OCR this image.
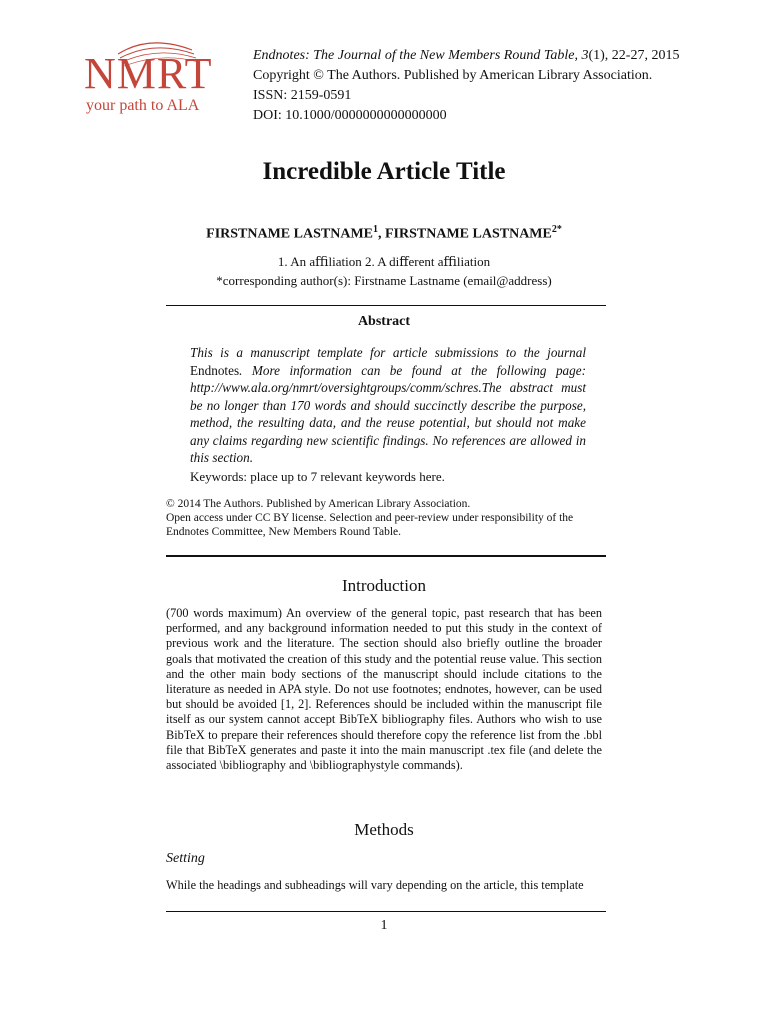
NMRT
your path to ALA
Endnotes: The Journal of the New Members Round Table, 3(1), 22-27, 2015
Copyright © The Authors. Published by American Library Association.
ISSN: 2159-0591
DOI: 10.1000/0000000000000000
Incredible Article Title
FIRSTNAME LASTNAME$^1$, FIRSTNAME $LASTNAME^{2*}$
1. An aﬃliation 2. A diﬀerent aﬃliation
*corresponding author(s): Firstname Lastname (email@address)
Abstract
This is a manuscript template for article submissions to the journal Endnotes. More information can be found at the following page: http://www.ala.org/nmrt/oversightgroups/comm/schres.The abstract must be no longer than 170 words and should succinctly describe the purpose, method, the resulting data, and the reuse potential, but should not make any claims regarding new scientific findings. No references are allowed in this section.
Keywords: place up to 7 relevant keywords here.
© 2014 The Authors. Published by American Library Association.
Open access under CC BY license. Selection and peer-review under responsibility of the Endnotes Committee, New Members Round Table.
Introduction
(700 words maximum) An overview of the general topic, past research that has been performed, and any background information needed to put this study in the context of previous work and the literature. The section should also briefly outline the broader goals that motivated the creation of this study and the potential reuse value. This section and the other main body sections of the manuscript should include citations to the literature as needed in APA style. Do not use footnotes; endnotes, however, can be used but should be avoided [1, 2]. References should be included within the manuscript file itself as our system cannot accept BibTeX bibliography files. Authors who wish to use BibTeX to prepare their references should therefore copy the reference list from the .bbl file that BibTeX generates and paste it into the main manuscript .tex file (and delete the associated \bibliography and \bibliographystyle commands).
Methods
Setting
While the headings and subheadings will vary depending on the article, this template
1
